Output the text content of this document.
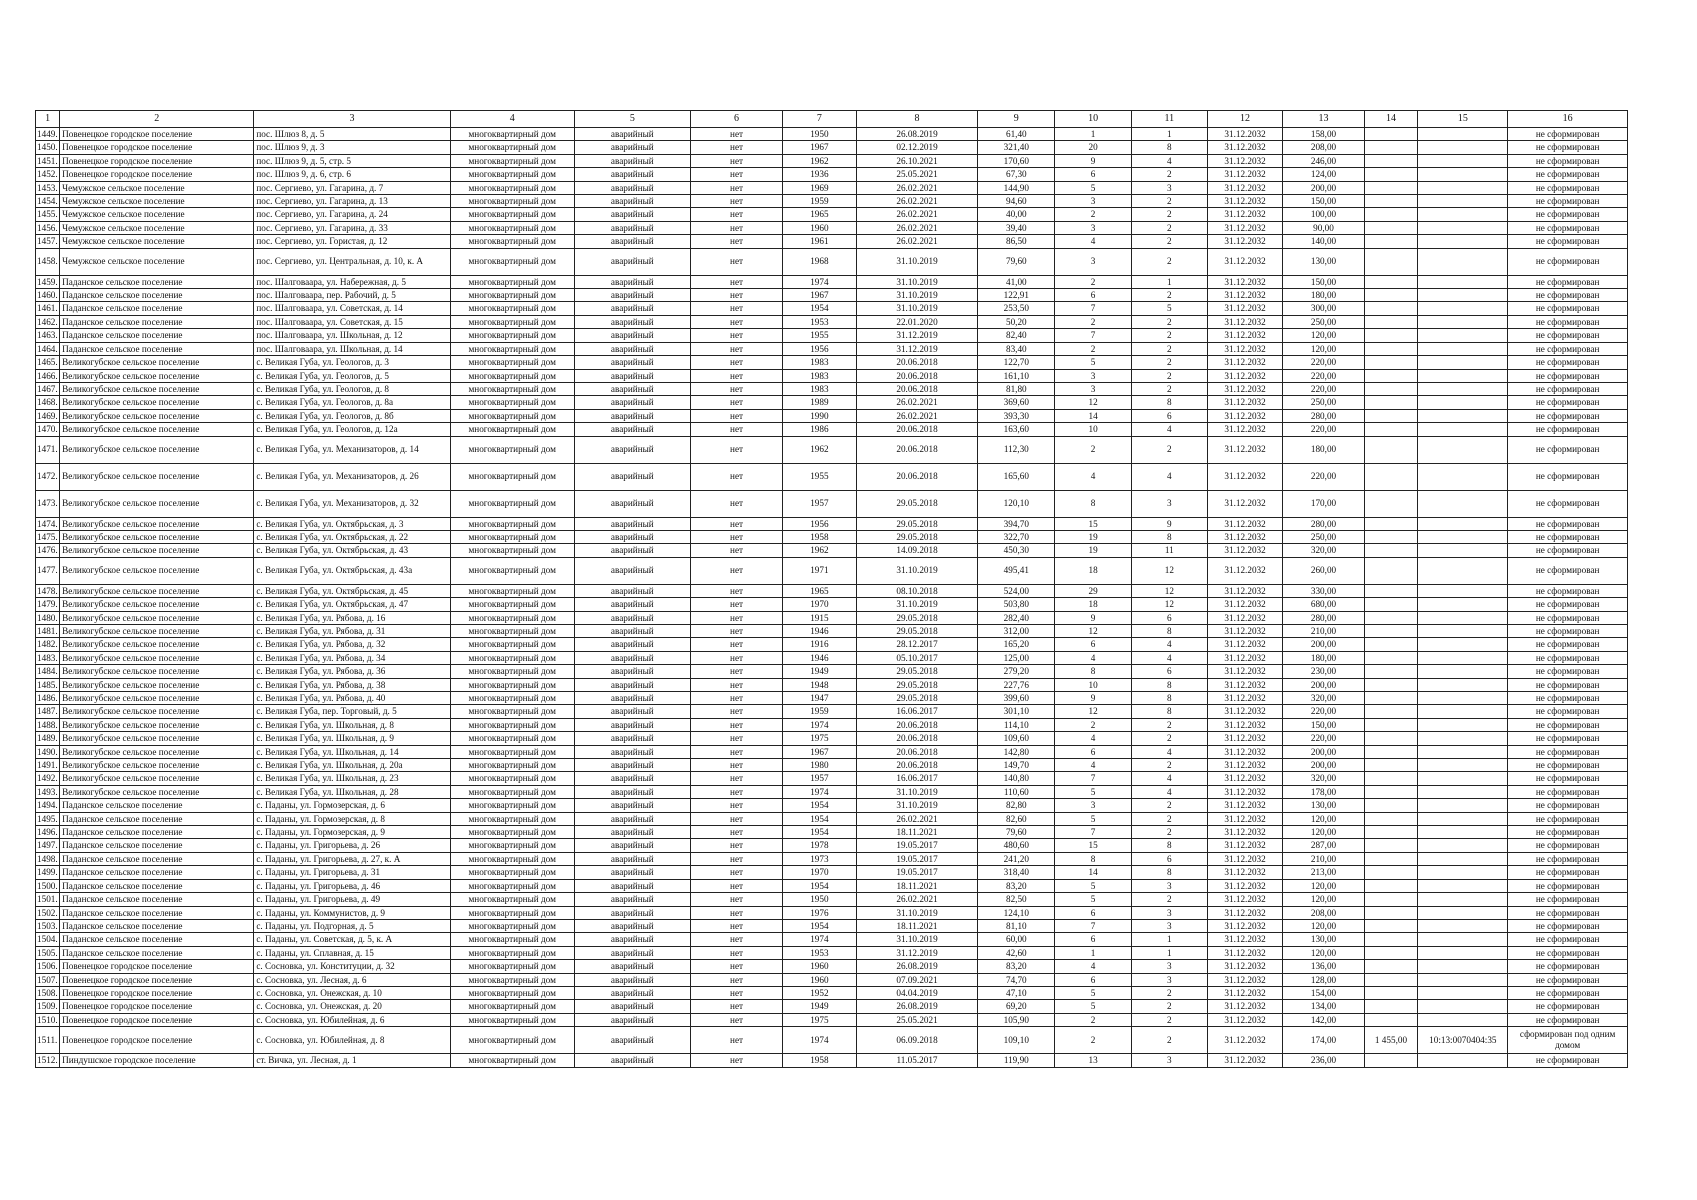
1	2	3	4	5	6	7	8	9	10	11	12	13	14	15	16
1449.	Повенецкое городское поселение	пос. Шлюз 8, д. 5	многоквартирный дом	аварийный	нет	1950	26.08.2019	61,40	1	1	31.12.2032	158,00			не сформирован
1450.	Повенецкое городское поселение	пос. Шлюз 9, д. 3	многоквартирный дом	аварийный	нет	1967	02.12.2019	321,40	20	8	31.12.2032	208,00			не сформирован
1451.	Повенецкое городское поселение	пос. Шлюз 9, д. 5, стр. 5	многоквартирный дом	аварийный	нет	1962	26.10.2021	170,60	9	4	31.12.2032	246,00			не сформирован
1452.	Повенецкое городское поселение	пос. Шлюз 9, д. 6, стр. 6	многоквартирный дом	аварийный	нет	1936	25.05.2021	67,30	6	2	31.12.2032	124,00			не сформирован
1453.	Чемужское сельское поселение	пос. Сергиево, ул. Гагарина, д. 7	многоквартирный дом	аварийный	нет	1969	26.02.2021	144,90	5	3	31.12.2032	200,00			не сформирован
1454.	Чемужское сельское поселение	пос. Сергиево, ул. Гагарина, д. 13	многоквартирный дом	аварийный	нет	1959	26.02.2021	94,60	3	2	31.12.2032	150,00			не сформирован
1455.	Чемужское сельское поселение	пос. Сергиево, ул. Гагарина, д. 24	многоквартирный дом	аварийный	нет	1965	26.02.2021	40,00	2	2	31.12.2032	100,00			не сформирован
1456.	Чемужское сельское поселение	пос. Сергиево, ул. Гагарина, д. 33	многоквартирный дом	аварийный	нет	1960	26.02.2021	39,40	3	2	31.12.2032	90,00			не сформирован
1457.	Чемужское сельское поселение	пос. Сергиево, ул. Гористая, д. 12	многоквартирный дом	аварийный	нет	1961	26.02.2021	86,50	4	2	31.12.2032	140,00			не сформирован
1458.	Чемужское сельское поселение	пос. Сергиево, ул. Центральная, д. 10, к. А	многоквартирный дом	аварийный	нет	1968	31.10.2019	79,60	3	2	31.12.2032	130,00			не сформирован
1459.	Паданское сельское поселение	пос. Шалговаара, ул. Набережная, д. 5	многоквартирный дом	аварийный	нет	1974	31.10.2019	41,00	2	1	31.12.2032	150,00			не сформирован
1460.	Паданское сельское поселение	пос. Шалговаара, пер. Рабочий, д. 5	многоквартирный дом	аварийный	нет	1967	31.10.2019	122,91	6	2	31.12.2032	180,00			не сформирован
1461.	Паданское сельское поселение	пос. Шалговаара, ул. Советская, д. 14	многоквартирный дом	аварийный	нет	1954	31.10.2019	253,50	7	5	31.12.2032	300,00			не сформирован
1462.	Паданское сельское поселение	пос. Шалговаара, ул. Советская, д. 15	многоквартирный дом	аварийный	нет	1953	22.01.2020	50,20	2	2	31.12.2032	250,00			не сформирован
1463.	Паданское сельское поселение	пос. Шалговаара, ул. Школьная, д. 12	многоквартирный дом	аварийный	нет	1955	31.12.2019	82,40	7	2	31.12.2032	120,00			не сформирован
1464.	Паданское сельское поселение	пос. Шалговаара, ул. Школьная, д. 14	многоквартирный дом	аварийный	нет	1956	31.12.2019	83,40	2	2	31.12.2032	120,00			не сформирован
1465.	Великогубское сельское поселение	с. Великая Губа, ул. Геологов, д. 3	многоквартирный дом	аварийный	нет	1983	20.06.2018	122,70	5	2	31.12.2032	220,00			не сформирован
1466.	Великогубское сельское поселение	с. Великая Губа, ул. Геологов, д. 5	многоквартирный дом	аварийный	нет	1983	20.06.2018	161,10	3	2	31.12.2032	220,00			не сформирован
1467.	Великогубское сельское поселение	с. Великая Губа, ул. Геологов, д. 8	многоквартирный дом	аварийный	нет	1983	20.06.2018	81,80	3	2	31.12.2032	220,00			не сформирован
1468.	Великогубское сельское поселение	с. Великая Губа, ул. Геологов, д. 8а	многоквартирный дом	аварийный	нет	1989	26.02.2021	369,60	12	8	31.12.2032	250,00			не сформирован
1469.	Великогубское сельское поселение	с. Великая Губа, ул. Геологов, д. 8б	многоквартирный дом	аварийный	нет	1990	26.02.2021	393,30	14	6	31.12.2032	280,00			не сформирован
1470.	Великогубское сельское поселение	с. Великая Губа, ул. Геологов, д. 12а	многоквартирный дом	аварийный	нет	1986	20.06.2018	163,60	10	4	31.12.2032	220,00			не сформирован
1471.	Великогубское сельское поселение	с. Великая Губа, ул. Механизаторов, д. 14	многоквартирный дом	аварийный	нет	1962	20.06.2018	112,30	2	2	31.12.2032	180,00			не сформирован
1472.	Великогубское сельское поселение	с. Великая Губа, ул. Механизаторов, д. 26	многоквартирный дом	аварийный	нет	1955	20.06.2018	165,60	4	4	31.12.2032	220,00			не сформирован
1473.	Великогубское сельское поселение	с. Великая Губа, ул. Механизаторов, д. 32	многоквартирный дом	аварийный	нет	1957	29.05.2018	120,10	8	3	31.12.2032	170,00			не сформирован
1474.	Великогубское сельское поселение	с. Великая Губа, ул. Октябрьская, д. 3	многоквартирный дом	аварийный	нет	1956	29.05.2018	394,70	15	9	31.12.2032	280,00			не сформирован
1475.	Великогубское сельское поселение	с. Великая Губа, ул. Октябрьская, д. 22	многоквартирный дом	аварийный	нет	1958	29.05.2018	322,70	19	8	31.12.2032	250,00			не сформирован
1476.	Великогубское сельское поселение	с. Великая Губа, ул. Октябрьская, д. 43	многоквартирный дом	аварийный	нет	1962	14.09.2018	450,30	19	11	31.12.2032	320,00			не сформирован
1477.	Великогубское сельское поселение	с. Великая Губа, ул. Октябрьская, д. 43а	многоквартирный дом	аварийный	нет	1971	31.10.2019	495,41	18	12	31.12.2032	260,00			не сформирован
1478.	Великогубское сельское поселение	с. Великая Губа, ул. Октябрьская, д. 45	многоквартирный дом	аварийный	нет	1965	08.10.2018	524,00	29	12	31.12.2032	330,00			не сформирован
1479.	Великогубское сельское поселение	с. Великая Губа, ул. Октябрьская, д. 47	многоквартирный дом	аварийный	нет	1970	31.10.2019	503,80	18	12	31.12.2032	680,00			не сформирован
1480.	Великогубское сельское поселение	с. Великая Губа, ул. Рябова, д. 16	многоквартирный дом	аварийный	нет	1915	29.05.2018	282,40	9	6	31.12.2032	280,00			не сформирован
1481.	Великогубское сельское поселение	с. Великая Губа, ул. Рябова, д. 31	многоквартирный дом	аварийный	нет	1946	29.05.2018	312,00	12	8	31.12.2032	210,00			не сформирован
1482.	Великогубское сельское поселение	с. Великая Губа, ул. Рябова, д. 32	многоквартирный дом	аварийный	нет	1916	28.12.2017	165,20	6	4	31.12.2032	200,00			не сформирован
1483.	Великогубское сельское поселение	с. Великая Губа, ул. Рябова, д. 34	многоквартирный дом	аварийный	нет	1946	05.10.2017	125,00	4	4	31.12.2032	180,00			не сформирован
1484.	Великогубское сельское поселение	с. Великая Губа, ул. Рябова, д. 36	многоквартирный дом	аварийный	нет	1949	29.05.2018	279,20	8	6	31.12.2032	230,00			не сформирован
1485.	Великогубское сельское поселение	с. Великая Губа, ул. Рябова, д. 38	многоквартирный дом	аварийный	нет	1948	29.05.2018	227,76	10	8	31.12.2032	200,00			не сформирован
1486.	Великогубское сельское поселение	с. Великая Губа, ул. Рябова, д. 40	многоквартирный дом	аварийный	нет	1947	29.05.2018	399,60	9	8	31.12.2032	320,00			не сформирован
1487.	Великогубское сельское поселение	с. Великая Губа, пер. Торговый, д. 5	многоквартирный дом	аварийный	нет	1959	16.06.2017	301,10	12	8	31.12.2032	220,00			не сформирован
1488.	Великогубское сельское поселение	с. Великая Губа, ул. Школьная, д. 8	многоквартирный дом	аварийный	нет	1974	20.06.2018	114,10	2	2	31.12.2032	150,00			не сформирован
1489.	Великогубское сельское поселение	с. Великая Губа, ул. Школьная, д. 9	многоквартирный дом	аварийный	нет	1975	20.06.2018	109,60	4	2	31.12.2032	220,00			не сформирован
1490.	Великогубское сельское поселение	с. Великая Губа, ул. Школьная, д. 14	многоквартирный дом	аварийный	нет	1967	20.06.2018	142,80	6	4	31.12.2032	200,00			не сформирован
1491.	Великогубское сельское поселение	с. Великая Губа, ул. Школьная, д. 20а	многоквартирный дом	аварийный	нет	1980	20.06.2018	149,70	4	2	31.12.2032	200,00			не сформирован
1492.	Великогубское сельское поселение	с. Великая Губа, ул. Школьная, д. 23	многоквартирный дом	аварийный	нет	1957	16.06.2017	140,80	7	4	31.12.2032	320,00			не сформирован
1493.	Великогубское сельское поселение	с. Великая Губа, ул. Школьная, д. 28	многоквартирный дом	аварийный	нет	1974	31.10.2019	110,60	5	4	31.12.2032	178,00			не сформирован
1494.	Паданское сельское поселение	с. Паданы, ул. Гормозерская, д. 6	многоквартирный дом	аварийный	нет	1954	31.10.2019	82,80	3	2	31.12.2032	130,00			не сформирован
1495.	Паданское сельское поселение	с. Паданы, ул. Гормозерская, д. 8	многоквартирный дом	аварийный	нет	1954	26.02.2021	82,60	5	2	31.12.2032	120,00			не сформирован
1496.	Паданское сельское поселение	с. Паданы, ул. Гормозерская, д. 9	многоквартирный дом	аварийный	нет	1954	18.11.2021	79,60	7	2	31.12.2032	120,00			не сформирован
1497.	Паданское сельское поселение	с. Паданы, ул. Григорьева, д. 26	многоквартирный дом	аварийный	нет	1978	19.05.2017	480,60	15	8	31.12.2032	287,00			не сформирован
1498.	Паданское сельское поселение	с. Паданы, ул. Григорьева, д. 27, к. А	многоквартирный дом	аварийный	нет	1973	19.05.2017	241,20	8	6	31.12.2032	210,00			не сформирован
1499.	Паданское сельское поселение	с. Паданы, ул. Григорьева, д. 31	многоквартирный дом	аварийный	нет	1970	19.05.2017	318,40	14	8	31.12.2032	213,00			не сформирован
1500.	Паданское сельское поселение	с. Паданы, ул. Григорьева, д. 46	многоквартирный дом	аварийный	нет	1954	18.11.2021	83,20	5	3	31.12.2032	120,00			не сформирован
1501.	Паданское сельское поселение	с. Паданы, ул. Григорьева, д. 49	многоквартирный дом	аварийный	нет	1950	26.02.2021	82,50	5	2	31.12.2032	120,00			не сформирован
1502.	Паданское сельское поселение	с. Паданы, ул. Коммунистов, д. 9	многоквартирный дом	аварийный	нет	1976	31.10.2019	124,10	6	3	31.12.2032	208,00			не сформирован
1503.	Паданское сельское поселение	с. Паданы, ул. Подгорная, д. 5	многоквартирный дом	аварийный	нет	1954	18.11.2021	81,10	7	3	31.12.2032	120,00			не сформирован
1504.	Паданское сельское поселение	с. Паданы, ул. Советская, д. 5, к. А	многоквартирный дом	аварийный	нет	1974	31.10.2019	60,00	6	1	31.12.2032	130,00			не сформирован
1505.	Паданское сельское поселение	с. Паданы, ул. Сплавная, д. 15	многоквартирный дом	аварийный	нет	1953	31.12.2019	42,60	1	1	31.12.2032	120,00			не сформирован
1506.	Повенецкое городское поселение	с. Сосновка, ул. Конституции, д. 32	многоквартирный дом	аварийный	нет	1960	26.08.2019	83,20	4	3	31.12.2032	136,00			не сформирован
1507.	Повенецкое городское поселение	с. Сосновка, ул. Лесная, д. 6	многоквартирный дом	аварийный	нет	1960	07.09.2021	74,70	6	3	31.12.2032	128,00			не сформирован
1508.	Повенецкое городское поселение	с. Сосновка, ул. Онежская, д. 10	многоквартирный дом	аварийный	нет	1952	04.04.2019	47,10	5	2	31.12.2032	154,00			не сформирован
1509.	Повенецкое городское поселение	с. Сосновка, ул. Онежская, д. 20	многоквартирный дом	аварийный	нет	1949	26.08.2019	69,20	5	2	31.12.2032	134,00			не сформирован
1510.	Повенецкое городское поселение	с. Сосновка, ул. Юбилейная, д. 6	многоквартирный дом	аварийный	нет	1975	25.05.2021	105,90	2	2	31.12.2032	142,00			не сформирован
1511.	Повенецкое городское поселение	с. Сосновка, ул. Юбилейная, д. 8	многоквартирный дом	аварийный	нет	1974	06.09.2018	109,10	2	2	31.12.2032	174,00	1 455,00	10:13:0070404:35	сформирован под одним домом
1512.	Пиндушское городское поселение	ст. Вичка, ул. Лесная, д. 1	многоквартирный дом	аварийный	нет	1958	11.05.2017	119,90	13	3	31.12.2032	236,00			не сформирован
